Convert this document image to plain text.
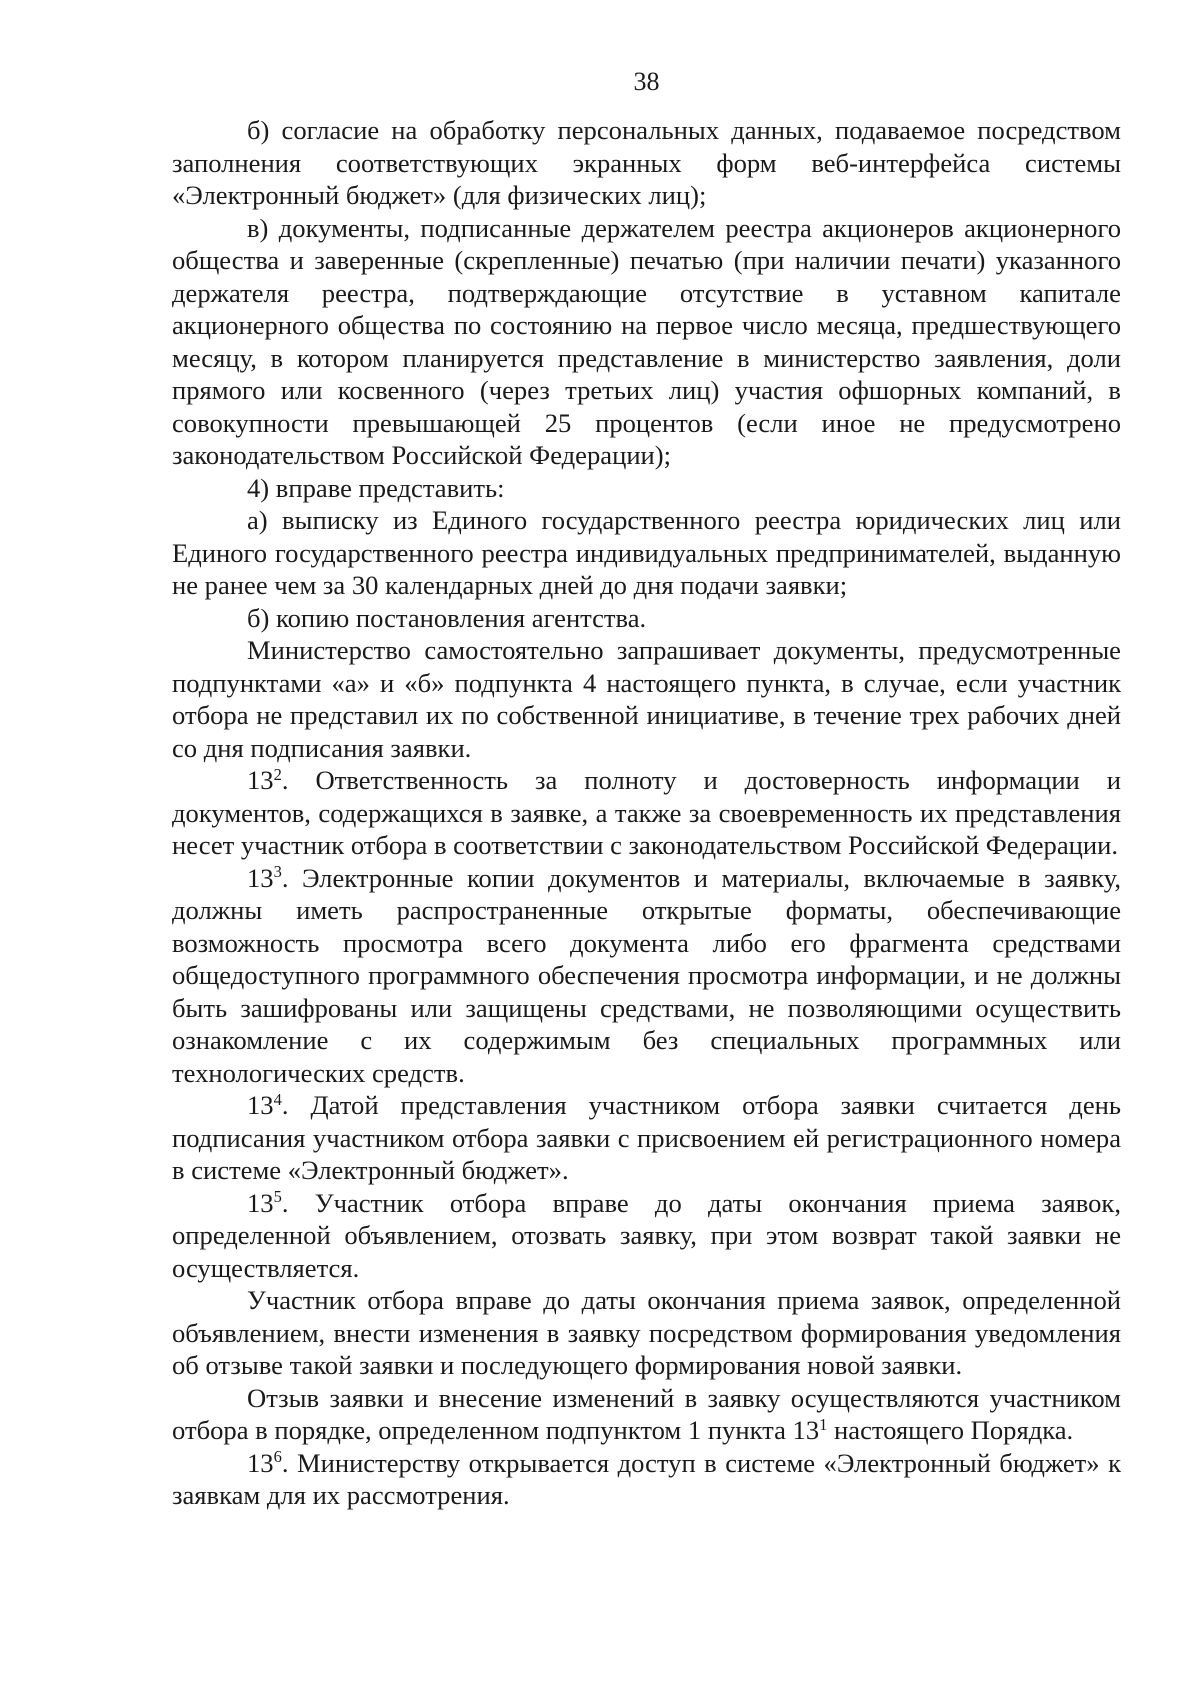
38

б) согласие на обработку персональных данных, подаваемое посредством заполнения соответствующих экранных форм веб-интерфейса системы «Электронный бюджет» (для физических лиц);

в) документы, подписанные держателем реестра акционеров акционерного общества и заверенные (скрепленные) печатью (при наличии печати) указанного держателя реестра, подтверждающие отсутствие в уставном капитале акционерного общества по состоянию на первое число месяца, предшествующего месяцу, в котором планируется представление в министерство заявления, доли прямого или косвенного (через третьих лиц) участия офшорных компаний, в совокупности превышающей 25 процентов (если иное не предусмотрено законодательством Российской Федерации);

4) вправе представить:

а) выписку из Единого государственного реестра юридических лиц или Единого государственного реестра индивидуальных предпринимателей, выданную не ранее чем за 30 календарных дней до дня подачи заявки;

б) копию постановления агентства.

Министерство самостоятельно запрашивает документы, предусмотренные подпунктами «а» и «б» подпункта 4 настоящего пункта, в случае, если участник отбора не представил их по собственной инициативе, в течение трех рабочих дней со дня подписания заявки.

$13^2$. Ответственность за полноту и достоверность информации и документов, содержащихся в заявке, а также за своевременность их представления несет участник отбора в соответствии с законодательством Российской Федерации.

$13^3$. Электронные копии документов и материалы, включаемые в заявку, должны иметь распространенные открытые форматы, обеспечивающие возможность просмотра всего документа либо его фрагмента средствами общедоступного программного обеспечения просмотра информации, и не должны быть зашифрованы или защищены средствами, не позволяющими осуществить ознакомление с их содержимым без специальных программных или технологических средств.

$13^4$. Датой представления участником отбора заявки считается день подписания участником отбора заявки с присвоением ей регистрационного номера в системе «Электронный бюджет».

$13^5$. Участник отбора вправе до даты окончания приема заявок, определенной объявлением, отозвать заявку, при этом возврат такой заявки не осуществляется.

Участник отбора вправе до даты окончания приема заявок, определенной объявлением, внести изменения в заявку посредством формирования уведомления об отзыве такой заявки и последующего формирования новой заявки.

Отзыв заявки и внесение изменений в заявку осуществляются участником отбора в порядке, определенном подпунктом 1 пункта $13^1$ настоящего Порядка.

$13^6$. Министерству открывается доступ в системе «Электронный бюджет» к заявкам для их рассмотрения.
